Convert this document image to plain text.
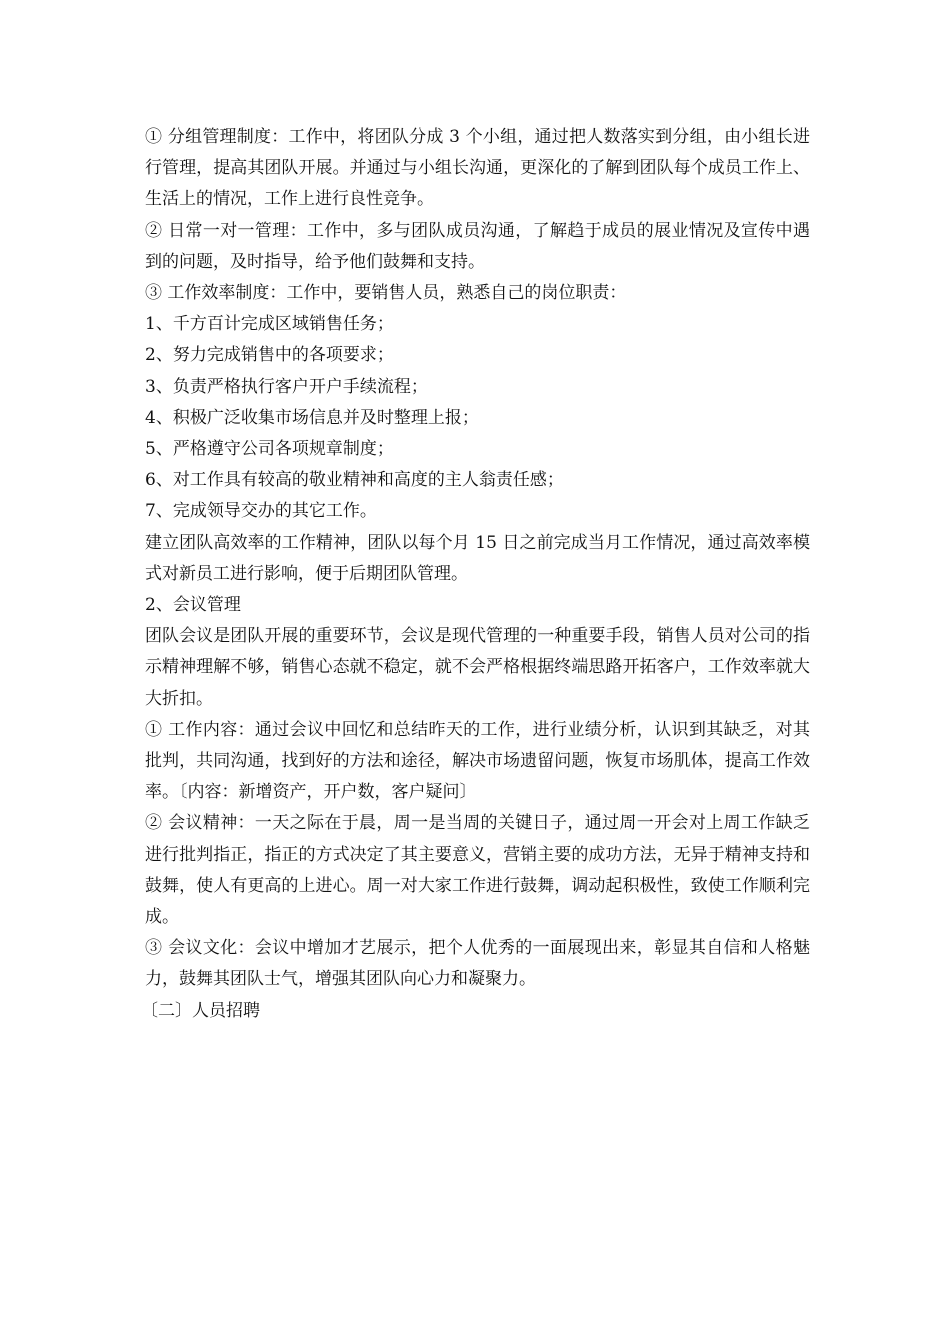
① 分组管理制度：工作中，将团队分成 3 个小组，通过把人数落实到分组，由小组长进行管理，提高其团队开展。并通过与小组长沟通，更深化的了解到团队每个成员工作上、生活上的情况，工作上进行良性竞争。

② 日常一对一管理：工作中，多与团队成员沟通，了解趋于成员的展业情况及宣传中遇到的问题，及时指导，给予他们鼓舞和支持。

③ 工作效率制度：工作中，要销售人员，熟悉自己的岗位职责：

1、千方百计完成区域销售任务；

2、努力完成销售中的各项要求；

3、负责严格执行客户开户手续流程；

4、积极广泛收集市场信息并及时整理上报；

5、严格遵守公司各项规章制度；

6、对工作具有较高的敬业精神和高度的主人翁责任感；

7、完成领导交办的其它工作。

建立团队高效率的工作精神，团队以每个月 15 日之前完成当月工作情况，通过高效率模式对新员工进行影响，便于后期团队管理。

2、会议管理

团队会议是团队开展的重要环节，会议是现代管理的一种重要手段，销售人员对公司的指示精神理解不够，销售心态就不稳定，就不会严格根据终端思路开拓客户，工作效率就大大折扣。

① 工作内容：通过会议中回忆和总结昨天的工作，进行业绩分析，认识到其缺乏，对其批判，共同沟通，找到好的方法和途径，解决市场遗留问题，恢复市场肌体，提高工作效率。〔内容：新增资产，开户数，客户疑问〕

② 会议精神：一天之际在于晨，周一是当周的关键日子，通过周一开会对上周工作缺乏进行批判指正，指正的方式决定了其主要意义，营销主要的成功方法，无异于精神支持和鼓舞，使人有更高的上进心。周一对大家工作进行鼓舞，调动起积极性，致使工作顺利完成。

③ 会议文化：会议中增加才艺展示，把个人优秀的一面展现出来，彰显其自信和人格魅力，鼓舞其团队士气，增强其团队向心力和凝聚力。

〔二〕人员招聘
